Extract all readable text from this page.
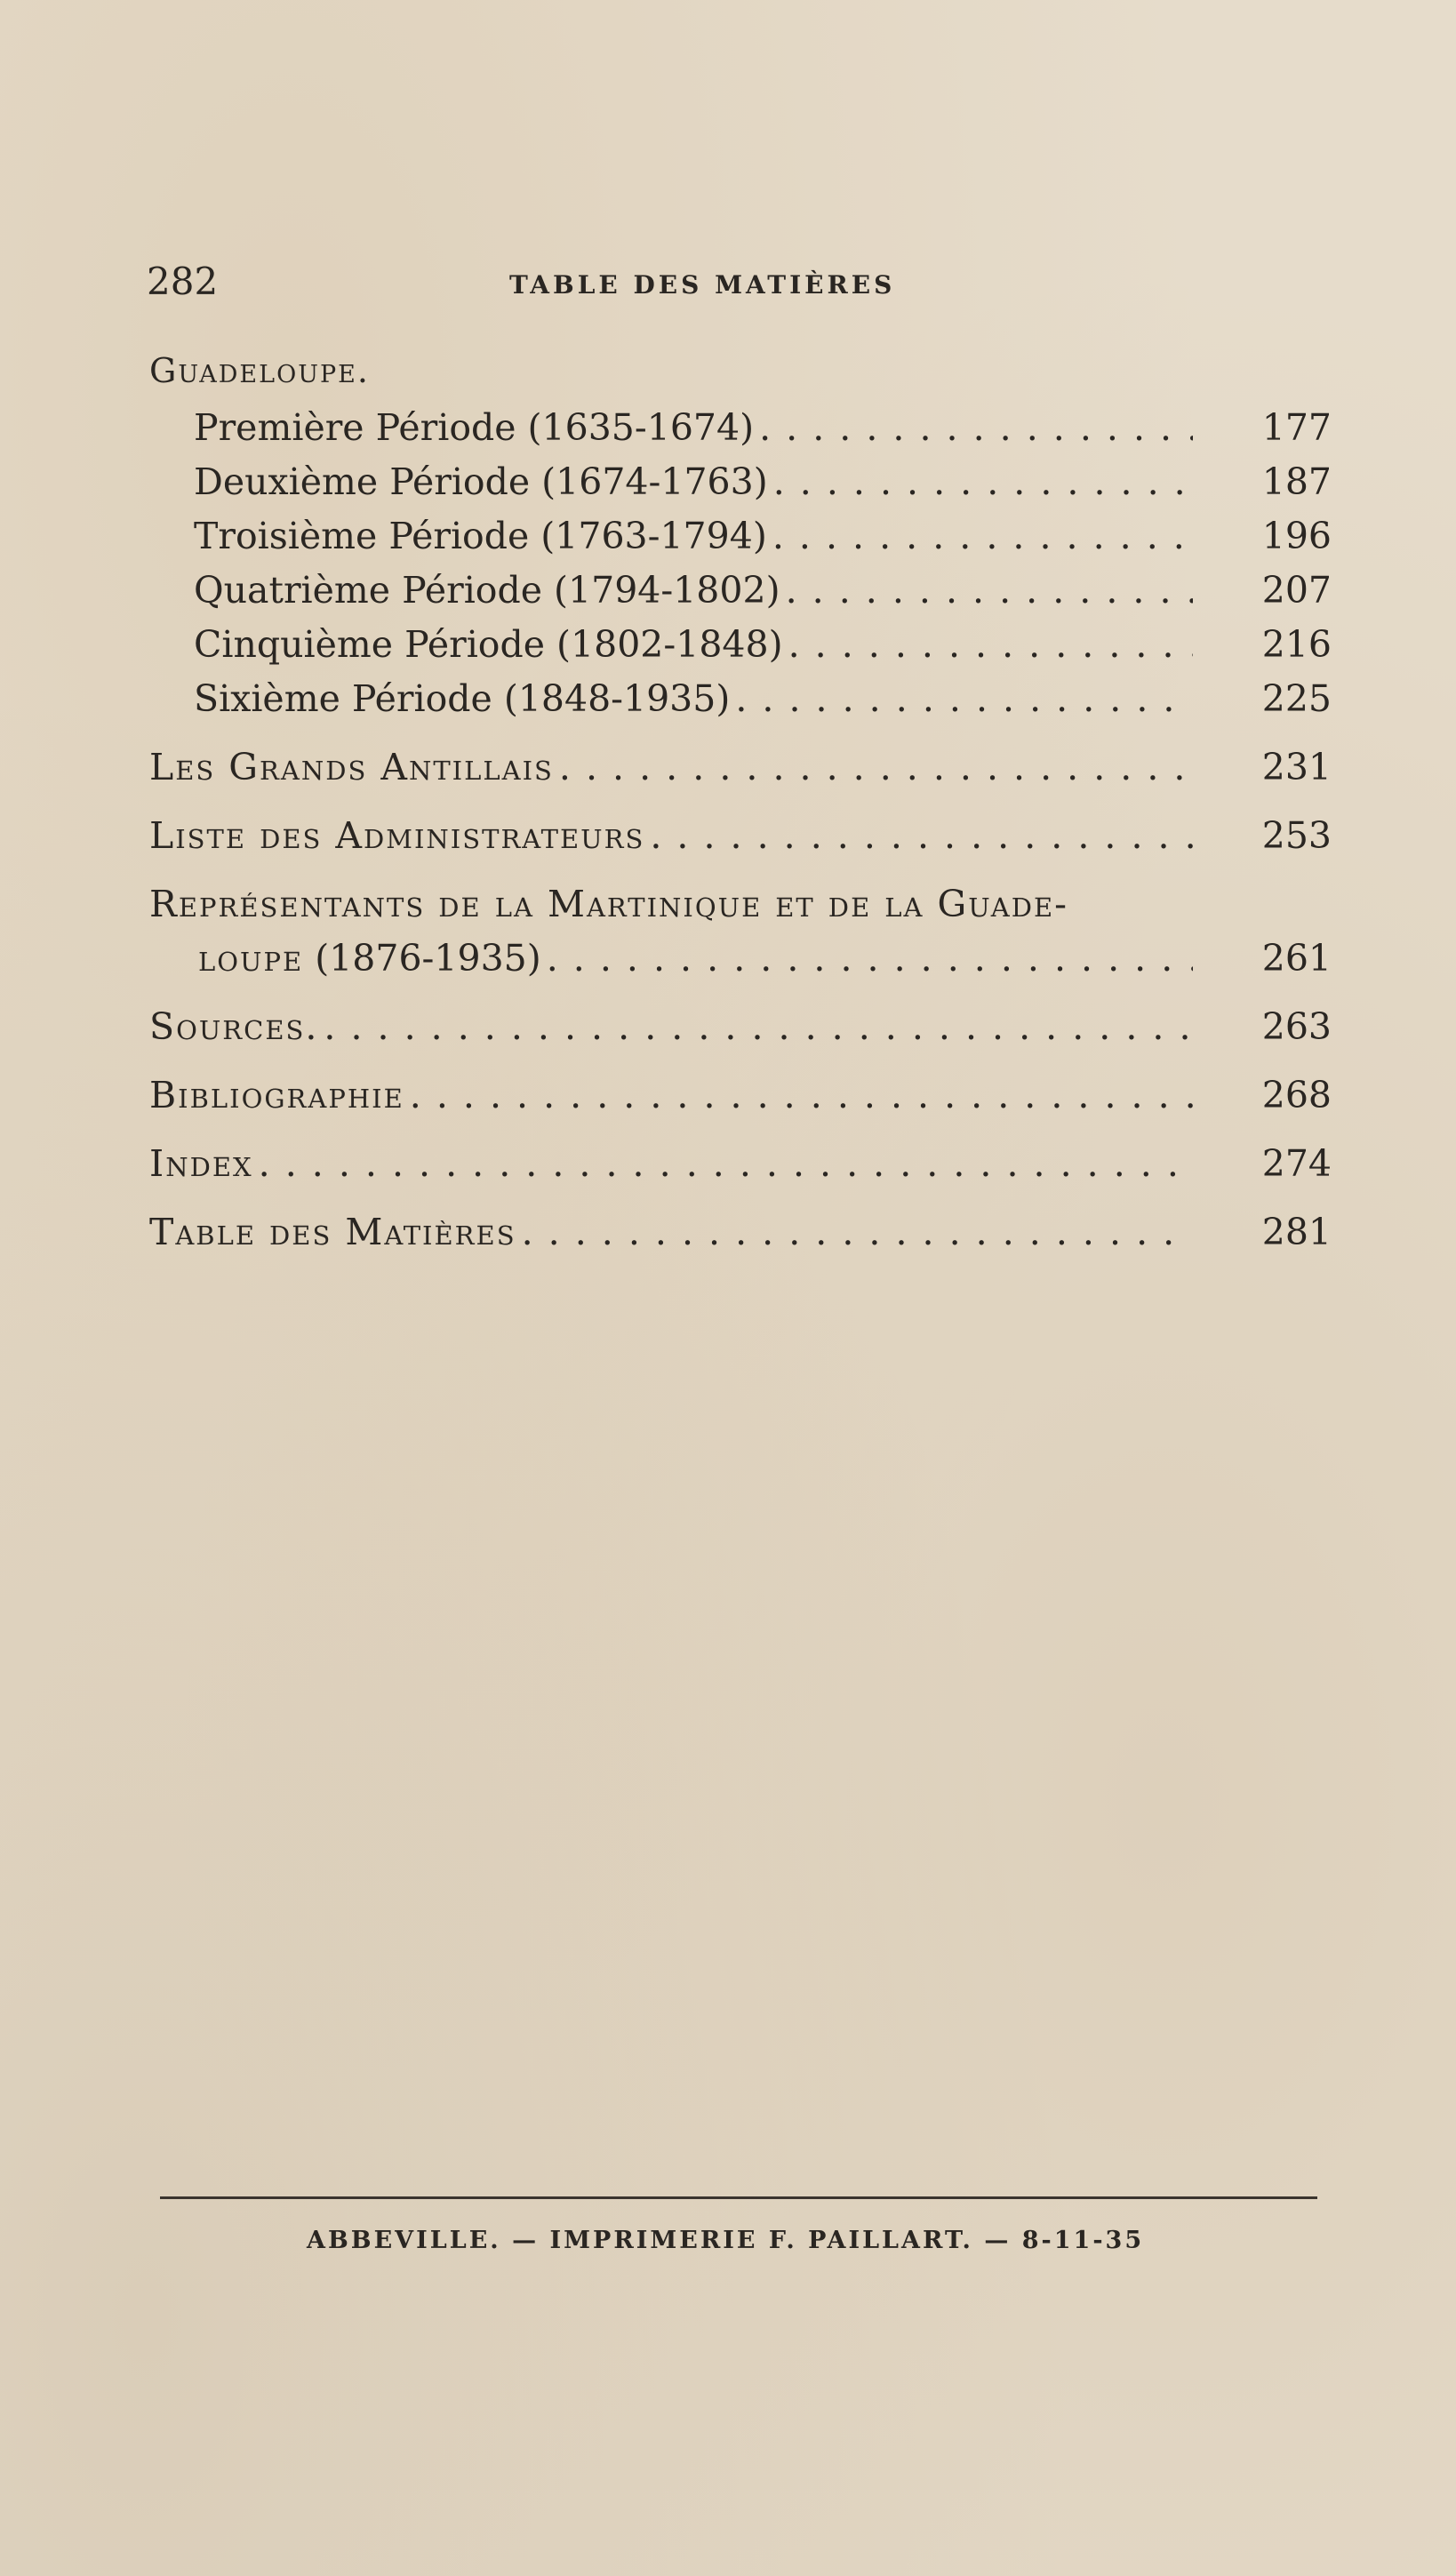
282	TABLE DES MATIÈRES
Guadeloupe.
Première Période (1635-1674) . . .	177
Deuxième Période (1674-1763) . . .	187
Troisième Période (1763-1794) . . .	196
Quatrième Période (1794-1802) . . .	207
Cinquième Période (1802-1848) . . .	216
Sixième Période (1848-1935) . . .	225
Les Grands Antillais . . .	231
Liste des Administrateurs . . .	253
Représentants de la Martinique et de la Guade-
loupe (1876-1935) . . .	261
Sources. . . .	263
Bibliographie . . .	268
Index . . .	274
Table des Matières . . .	281
ABBEVILLE. — IMPRIMERIE F. PAILLART. — 8-11-35
